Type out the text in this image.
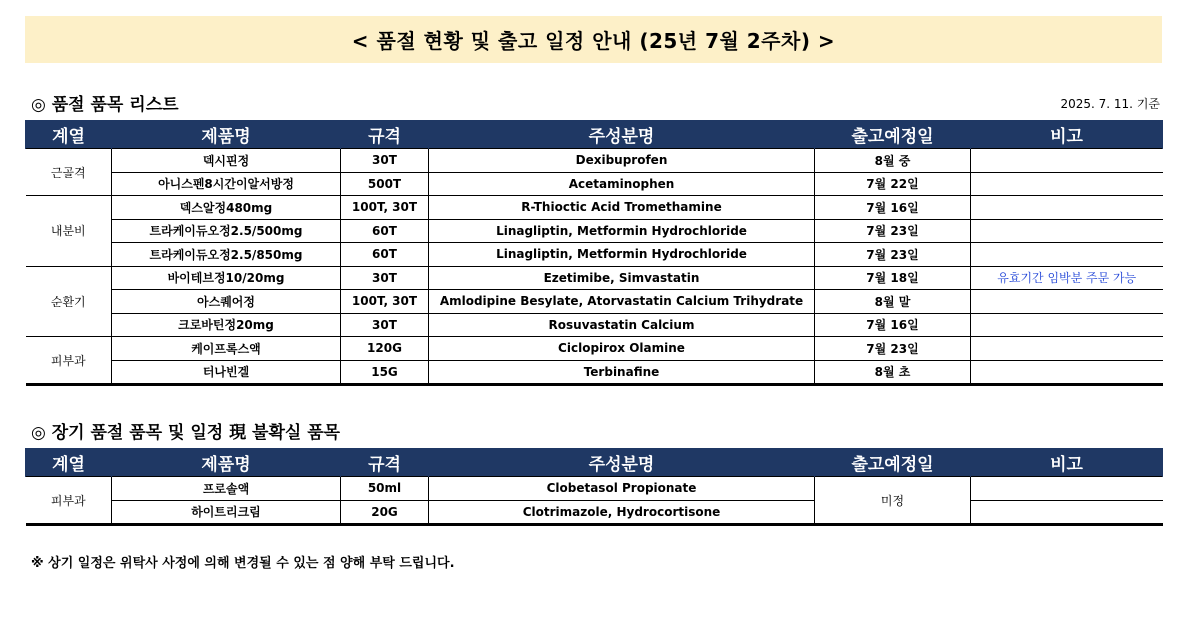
< 품절 현황 및 출고 일정 안내 (25년 7월 2주차) >
◎ 품절 품목 리스트	2025. 7. 11. 기준
계열	제품명	규격	주성분명	출고예정일	비고
근골격	덱시핀정	30T	Dexibuprofen	8월 중	
	아니스펜8시간이알서방정	500T	Acetaminophen	7월 22일	
내분비	덱스알정480mg	100T, 30T	R-Thioctic Acid Tromethamine	7월 16일	
	트라케이듀오정2.5/500mg	60T	Linagliptin, Metformin Hydrochloride	7월 23일	
	트라케이듀오정2.5/850mg	60T	Linagliptin, Metformin Hydrochloride	7월 23일	
순환기	바이테브정10/20mg	30T	Ezetimibe, Simvastatin	7월 18일	유효기간 임박분 주문 가능
	아스퀘어정	100T, 30T	Amlodipine Besylate, Atorvastatin Calcium Trihydrate	8월 말	
	크로바틴정20mg	30T	Rosuvastatin Calcium	7월 16일	
피부과	케이프록스액	120G	Ciclopirox Olamine	7월 23일	
	터나빈겔	15G	Terbinafine	8월 초	
◎ 장기 품절 품목 및 일정 現 불확실 품목
계열	제품명	규격	주성분명	출고예정일	비고
피부과	프로솔액	50ml	Clobetasol Propionate	미정	
	하이트리크림	20G	Clotrimazole, Hydrocortisone		
※ 상기 일정은 위탁사 사정에 의해 변경될 수 있는 점 양해 부탁 드립니다.
